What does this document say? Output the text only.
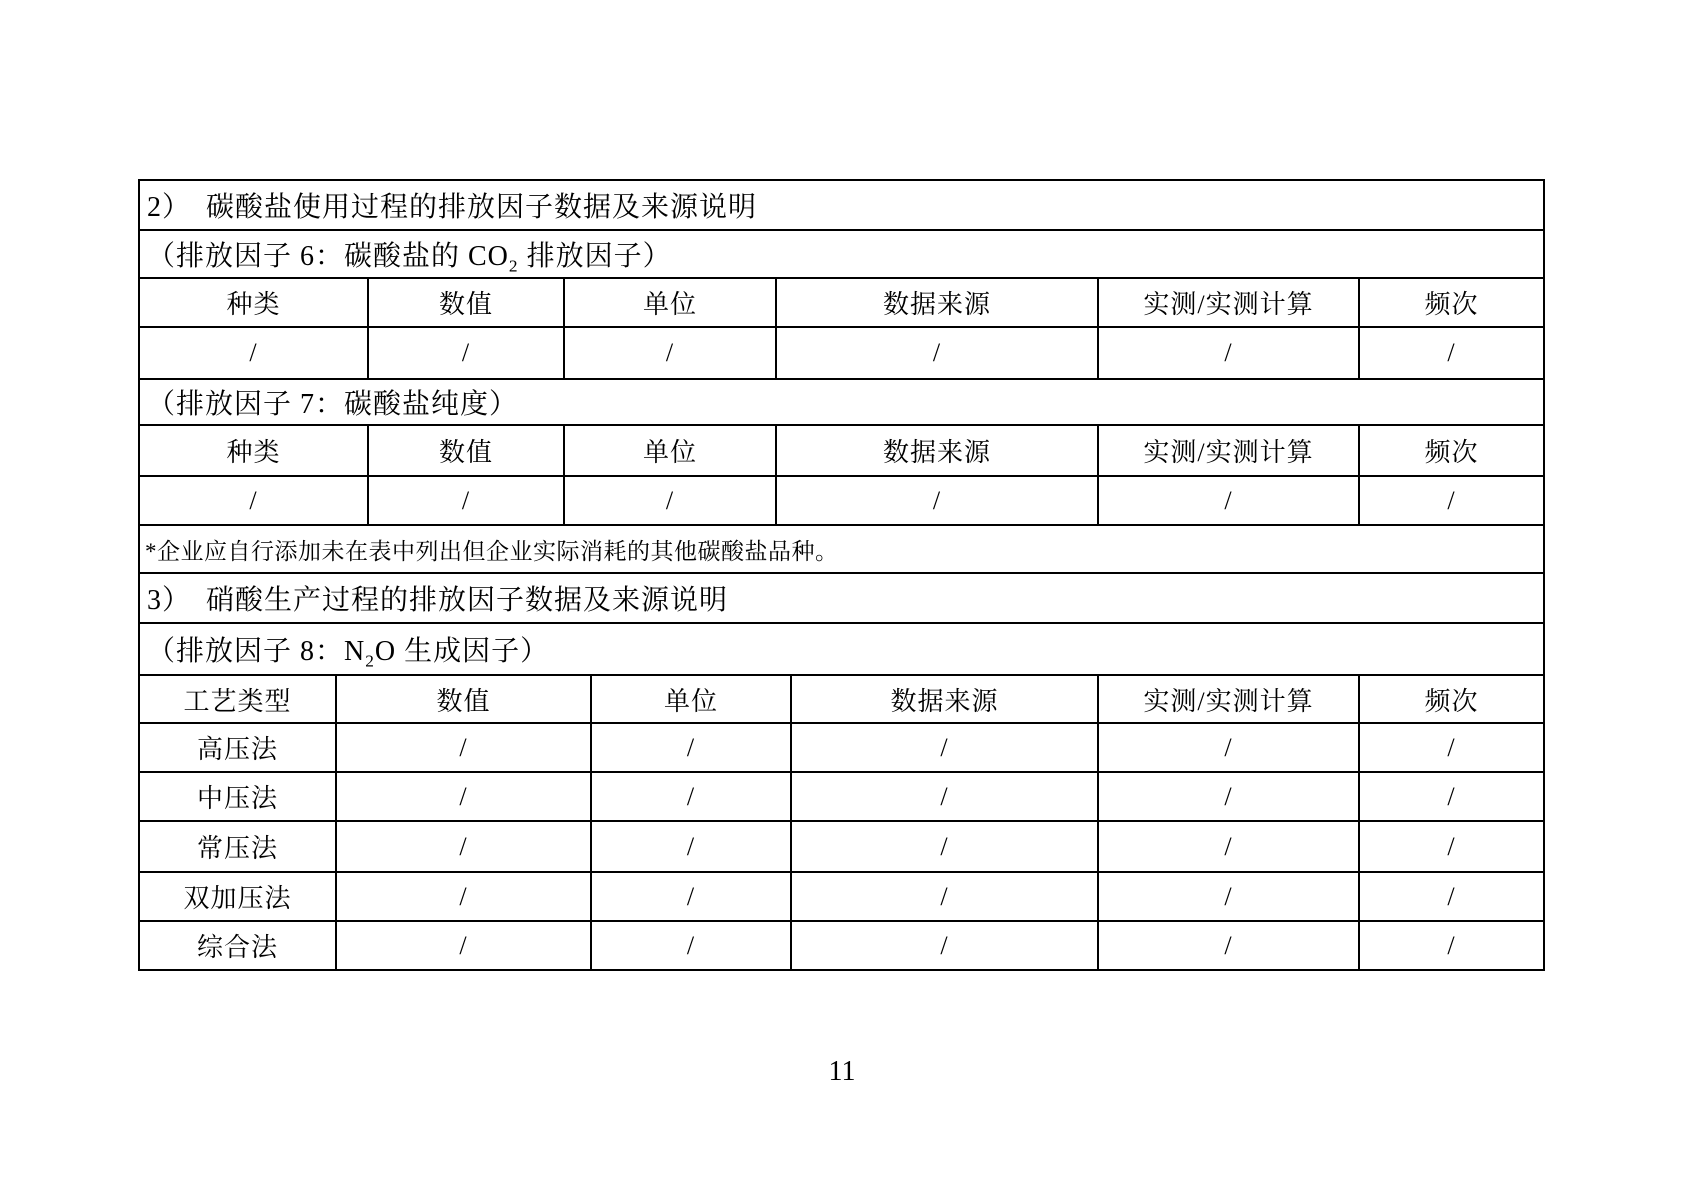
2）　碳酸盐使用过程的排放因子数据及来源说明
（排放因子 6：碳酸盐的 $CO_2$ 排放因子）
种类	数值	单位	数据来源	实测/实测计算	频次
/	/	/	/	/	/
（排放因子 7：碳酸盐纯度）
种类	数值	单位	数据来源	实测/实测计算	频次
/	/	/	/	/	/
*企业应自行添加未在表中列出但企业实际消耗的其他碳酸盐品种。
3）　硝酸生产过程的排放因子数据及来源说明
（排放因子 8：$N_2O$ 生成因子）
工艺类型	数值	单位	数据来源	实测/实测计算	频次
高压法	/	/	/	/	/
中压法	/	/	/	/	/
常压法	/	/	/	/	/
双加压法	/	/	/	/	/
综合法	/	/	/	/	/
11
